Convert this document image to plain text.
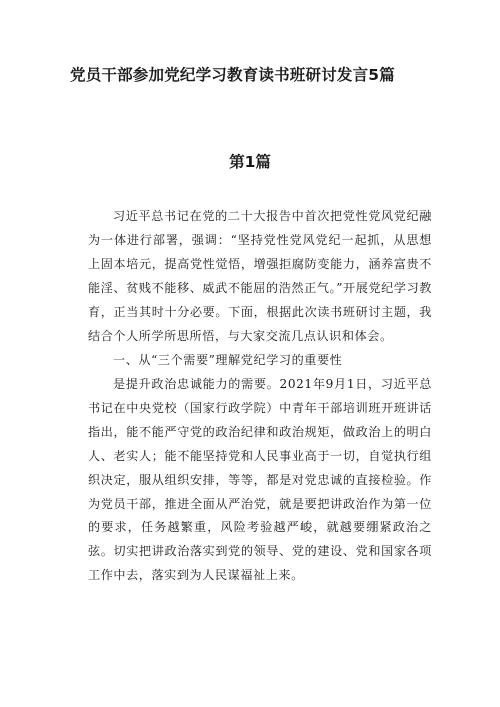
党员干部参加党纪学习教育读书班研讨发言5篇
第1篇

习近平总书记在党的二十大报告中首次把党性党风党纪融为一体进行部署，强调：“坚持党性党风党纪一起抓，从思想上固本培元，提高党性觉悟，增强拒腐防变能力，涵养富贵不能淫、贫贱不能移、威武不能屈的浩然正气。”开展党纪学习教育，正当其时十分必要。下面，根据此次读书班研讨主题，我结合个人所学所思所悟，与大家交流几点认识和体会。

一、从“三个需要”理解党纪学习的重要性

是提升政治忠诚能力的需要。2021年9月1日，习近平总书记在中央党校（国家行政学院）中青年干部培训班开班讲话指出，能不能严守党的政治纪律和政治规矩，做政治上的明白人、老实人；能不能坚持党和人民事业高于一切，自觉执行组织决定，服从组织安排，等等，都是对党忠诚的直接检验。作为党员干部，推进全面从严治党，就是要把讲政治作为第一位的要求，任务越繁重，风险考验越严峻，就越要绷紧政治之弦。切实把讲政治落实到党的领导、党的建设、党和国家各项工作中去，落实到为人民谋福祉上来。
